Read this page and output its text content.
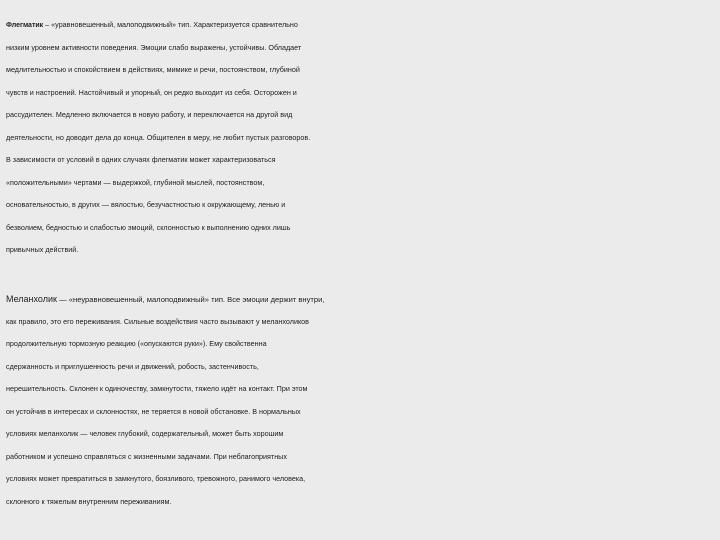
Флегматик – «уравновешенный, малоподвижный» тип. Характеризуется сравнительно
низким уровнем активности поведения. Эмоции слабо выражены, устойчивы. Обладает
медлительностью и спокойствием в действиях, мимике и речи, постоянством, глубиной
чувств и настроений. Настойчивый и упорный, он редко выходит из себя. Осторожен и
рассудителен. Медленно включается в новую работу, и переключается на другой вид
деятельности, но доводит дела до конца. Общителен в меру, не любит пустых разговоров.
В зависимости от условий в одних случаях флегматик может характеризоваться
«положительными» чертами — выдержкой, глубиной мыслей, постоянством,
основательностью, в других — вялостью, безучастностью к окружающему, ленью и
безволием, бедностью и слабостью эмоций, склонностью к выполнению одних лишь
привычных действий.
Меланхолик — «неуравновешенный, малоподвижный» тип. Все эмоции держит внутри,
как правило, это его переживания. Сильные воздействия часто вызывают у меланхоликов
продолжительную тормозную реакцию («опускаются руки»). Ему свойственна
сдержанность и приглушенность речи и движений, робость, застенчивость,
нерешительность. Склонен к одиночеству, замкнутости, тяжело идёт на контакт. При этом
он устойчив в интересах и склонностях, не теряется в новой обстановке. В нормальных
условиях меланхолик — человек глубокий, содержательный, может быть хорошим
работником и успешно справляться с жизненными задачами. При неблагоприятных
условиях может превратиться в замкнутого, боязливого, тревожного, ранимого человека,
склонного к тяжелым внутренним переживаниям.
